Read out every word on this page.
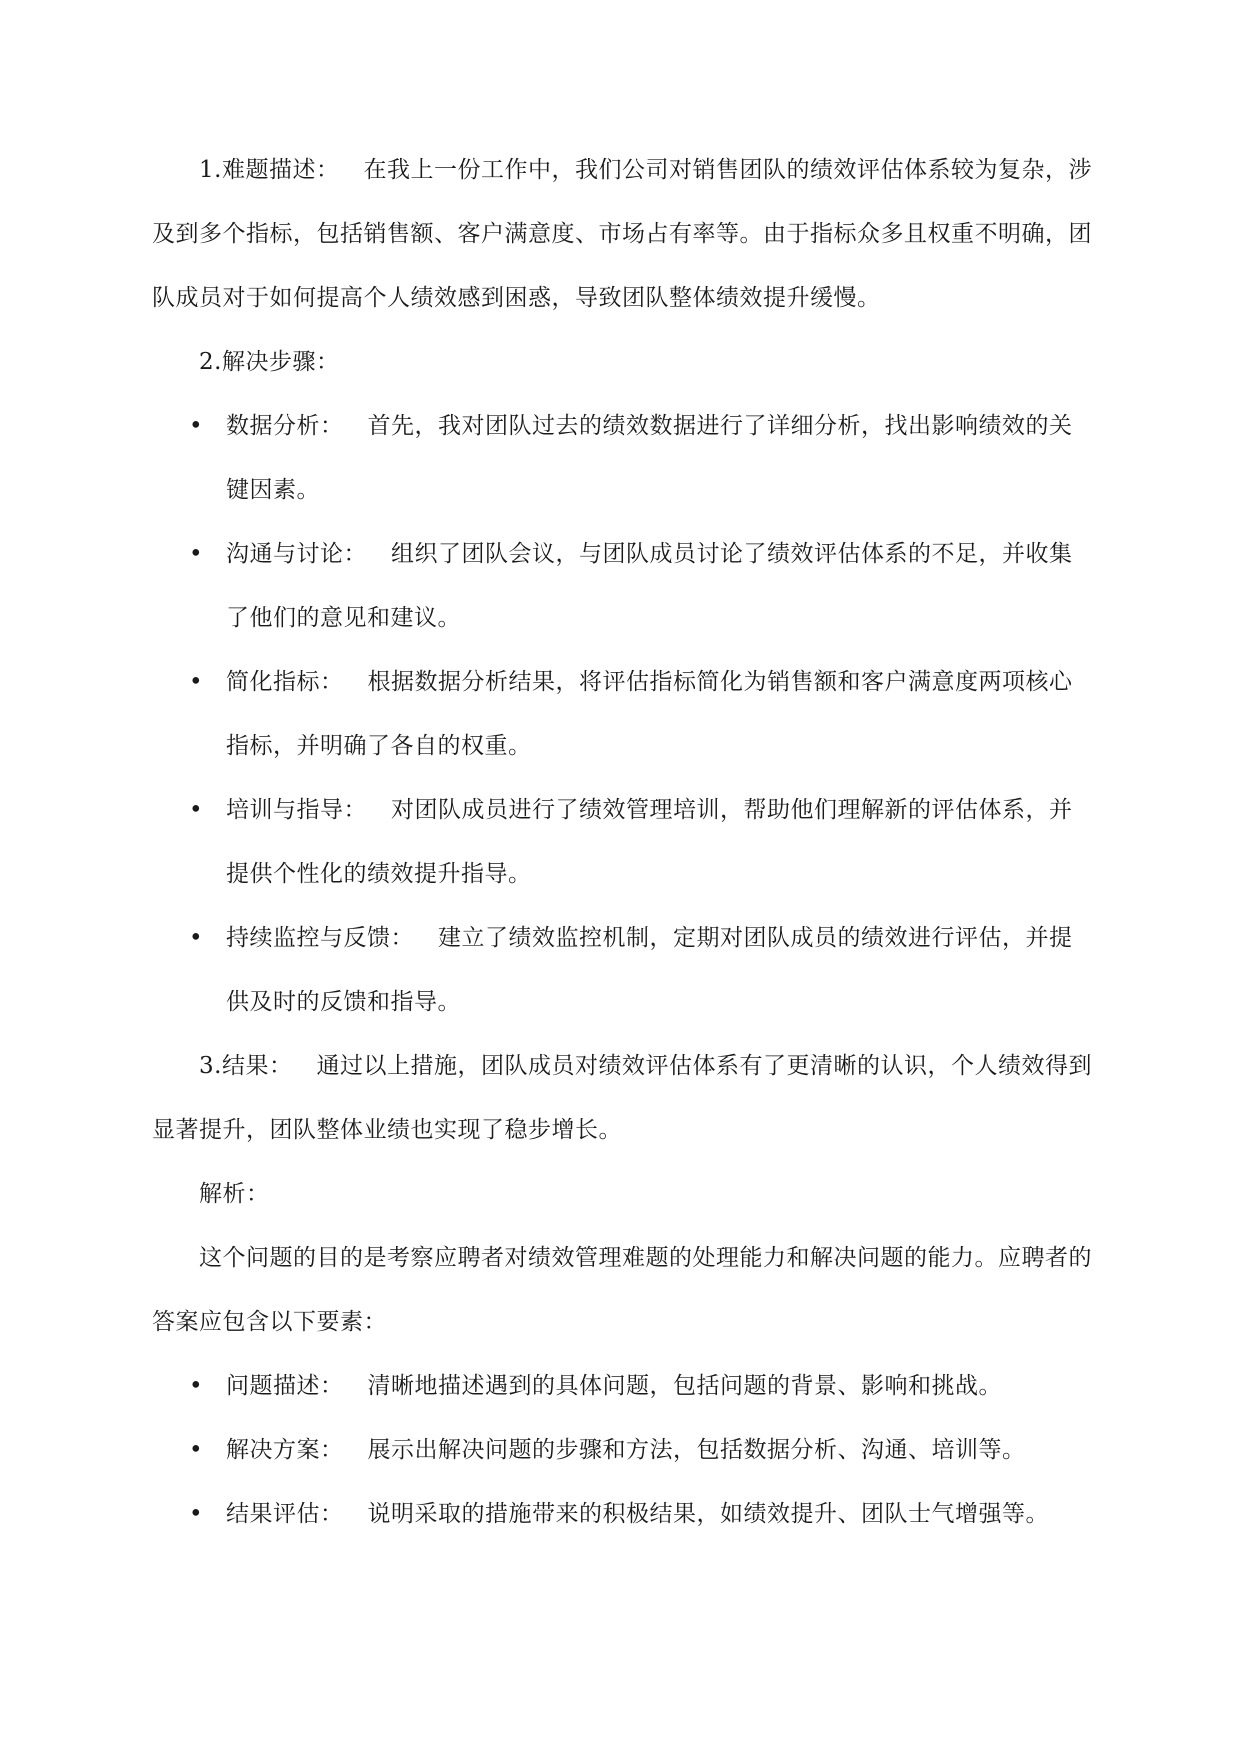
1.难题描述： 在我上一份工作中，我们公司对销售团队的绩效评估体系较为复杂，涉及到多个指标，包括销售额、客户满意度、市场占有率等。由于指标众多且权重不明确，团队成员对于如何提高个人绩效感到困惑，导致团队整体绩效提升缓慢。

2.解决步骤：

• 数据分析： 首先，我对团队过去的绩效数据进行了详细分析，找出影响绩效的关键因素。

• 沟通与讨论： 组织了团队会议，与团队成员讨论了绩效评估体系的不足，并收集了他们的意见和建议。

• 简化指标： 根据数据分析结果，将评估指标简化为销售额和客户满意度两项核心指标，并明确了各自的权重。

• 培训与指导： 对团队成员进行了绩效管理培训，帮助他们理解新的评估体系，并提供个性化的绩效提升指导。

• 持续监控与反馈： 建立了绩效监控机制，定期对团队成员的绩效进行评估，并提供及时的反馈和指导。

3.结果： 通过以上措施，团队成员对绩效评估体系有了更清晰的认识，个人绩效得到显著提升，团队整体业绩也实现了稳步增长。

解析：

这个问题的目的是考察应聘者对绩效管理难题的处理能力和解决问题的能力。应聘者的答案应包含以下要素：

• 问题描述： 清晰地描述遇到的具体问题，包括问题的背景、影响和挑战。

• 解决方案： 展示出解决问题的步骤和方法，包括数据分析、沟通、培训等。

• 结果评估： 说明采取的措施带来的积极结果，如绩效提升、团队士气增强等。
